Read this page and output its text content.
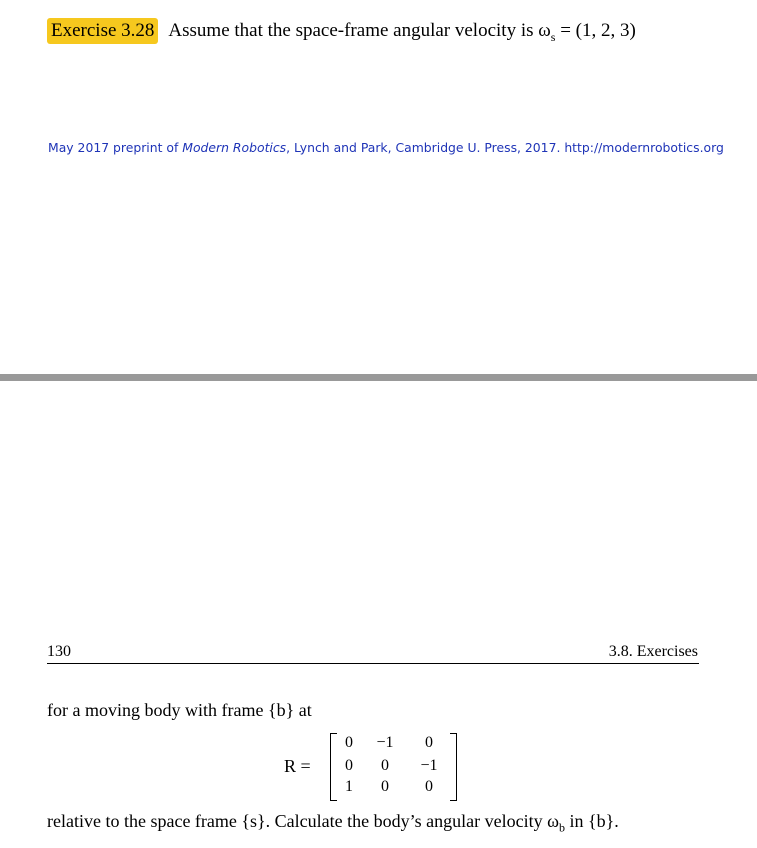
Exercise 3.28 Assume that the space-frame angular velocity is $\omega_s = (1$, 2, 3)
May 2017 preprint of Modern Robotics, Lynch and Park, Cambridge U. Press, 2017. http://modernrobotics.org
130	3.8. Exercises
for a moving body with frame {b} at
R =
0	−1	0
0	0	−1
1	0	0
relative to the space frame {s}. Calculate the body’s angular velocity $\omega_b$ in {b}.
